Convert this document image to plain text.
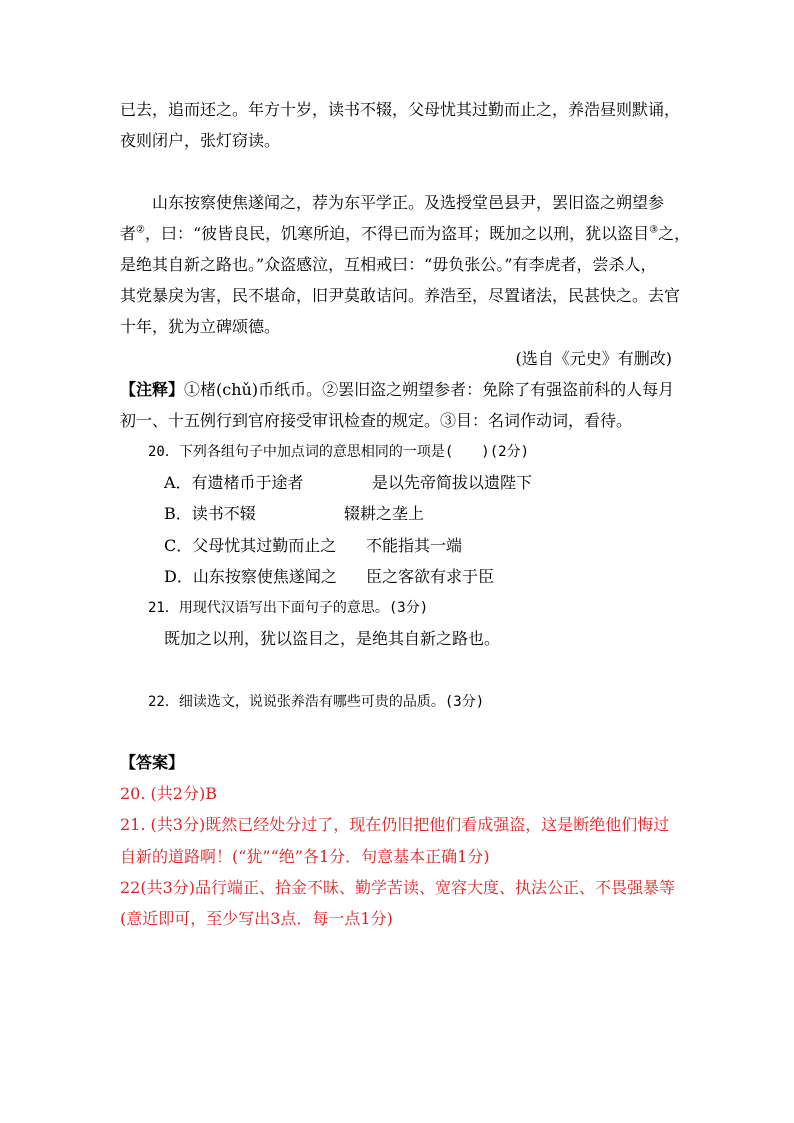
已去，追而还之。年方十岁，读书不辍，父母忧其过勤而止之，养浩昼则默诵，
夜则闭户，张灯窃读。
山东按察使焦遂闻之，荐为东平学正。及选授堂邑县尹，罢旧盗之朔望参
者②，曰：“彼皆良民，饥寒所迫，不得已而为盗耳；既加之以刑，犹以盗目③之，
是绝其自新之路也。”众盗感泣，互相戒曰：“毋负张公。”有李虎者，尝杀人，
其党暴戾为害，民不堪命，旧尹莫敢诘问。养浩至，尽置诸法，民甚快之。去官
十年，犹为立碑颂德。
(选自《元史》有删改)
【注释】①楮(chǔ)币纸币。②罢旧盗之朔望参者：免除了有强盗前科的人每月
初一、十五例行到官府接受审讯检查的规定。③目：名词作动词，看待。
20．下列各组句子中加点词的意思相同的一项是(　　)(2分)
A．有遗楮币于途者	是以先帝简拔以遗陛下
B．读书不辍	辍耕之垄上
C．父母忧其过勤而止之 不能指其一端
D．山东按察使焦遂闻之 臣之客欲有求于臣
21．用现代汉语写出下面句子的意思。(3分)
既加之以刑，犹以盗目之，是绝其自新之路也。
22．细读选文，说说张养浩有哪些可贵的品质。(3分)
【答案】
20. (共2分)B
21. (共3分)既然已经处分过了，现在仍旧把他们看成强盗，这是断绝他们悔过
自新的道路啊！(“犹”“绝”各1分．句意基本正确1分)
22(共3分)品行端正、拾金不昧、勤学苦读、宽容大度、执法公正、不畏强暴等
(意近即可，至少写出3点．每一点1分)
